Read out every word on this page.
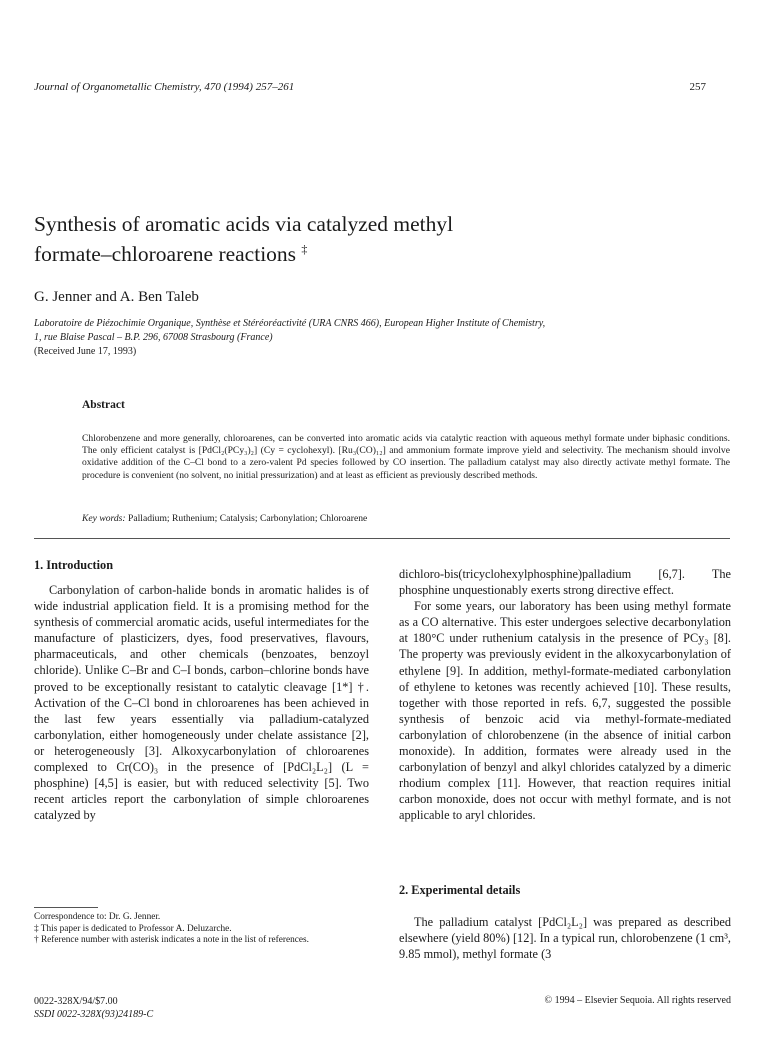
Journal of Organometallic Chemistry, 470 (1994) 257–261	257
Synthesis of aromatic acids via catalyzed methyl
formate–chloroarene reactions ‡
G. Jenner and A. Ben Taleb
Laboratoire de Piézochimie Organique, Synthèse et Stéréoréactivité (URA CNRS 466), European Higher Institute of Chemistry,
1, rue Blaise Pascal – B.P. 296, 67008 Strasbourg (France)
(Received June 17, 1993)
Abstract
Chlorobenzene and more generally, chloroarenes, can be converted into aromatic acids via catalytic reaction with aqueous methyl formate under biphasic conditions. The only efficient catalyst is [PdCl₂(PCy₃)₂] (Cy = cyclohexyl). [Ru₃(CO)₁₂] and ammonium formate improve yield and selectivity. The mechanism should involve oxidative addition of the C–Cl bond to a zero-valent Pd species followed by CO insertion. The palladium catalyst may also directly activate methyl formate. The procedure is convenient (no solvent, no initial pressurization) and at least as efficient as previously described methods.
Key words: Palladium; Ruthenium; Catalysis; Carbonylation; Chloroarene
1. Introduction

Carbonylation of carbon-halide bonds in aromatic halides is of wide industrial application field. It is a promising method for the synthesis of commercial aromatic acids, useful intermediates for the manufacture of plasticizers, dyes, food preservatives, flavours, pharmaceuticals, and other chemicals (benzoates, benzoyl chloride). Unlike C–Br and C–I bonds, carbon–chlorine bonds have proved to be exceptionally resistant to catalytic cleavage [1*] †. Activation of the C–Cl bond in chloroarenes has been achieved in the last few years essentially via palladium-catalyzed carbonylation, either homogeneously under chelate assistance [2], or heterogeneously [3]. Alkoxycarbonylation of chloroarenes complexed to Cr(CO)₃ in the presence of [PdCl₂L₂] (L = phosphine) [4,5] is easier, but with reduced selectivity [5]. Two recent articles report the carbonylation of simple chloroarenes catalyzed by

dichloro-bis(tricyclohexylphosphine)palladium [6,7]. The phosphine unquestionably exerts strong directive effect.

For some years, our laboratory has been using methyl formate as a CO alternative. This ester undergoes selective decarbonylation at 180°C under ruthenium catalysis in the presence of PCy₃ [8]. The property was previously evident in the alkoxycarbonylation of ethylene [9]. In addition, methyl-formate-mediated carbonylation of ethylene to ketones was recently achieved [10]. These results, together with those reported in refs. 6,7, suggested the possible synthesis of benzoic acid via methyl-formate-mediated carbonylation of chlorobenzene (in the absence of initial carbon monoxide). In addition, formates were already used in the carbonylation of benzyl and alkyl chlorides catalyzed by a dimeric rhodium complex [11]. However, that reaction requires initial carbon monoxide, does not occur with methyl formate, and is not applicable to aryl chlorides.

2. Experimental details

The palladium catalyst [PdCl₂L₂] was prepared as described elsewhere (yield 80%) [12]. In a typical run, chlorobenzene (1 cm³, 9.85 mmol), methyl formate (3

Correspondence to: Dr. G. Jenner.
‡ This paper is dedicated to Professor A. Deluzarche.
† Reference number with asterisk indicates a note in the list of references.
0022-328X/94/$7.00
SSDI 0022-328X(93)24189-C
© 1994 – Elsevier Sequoia. All rights reserved
